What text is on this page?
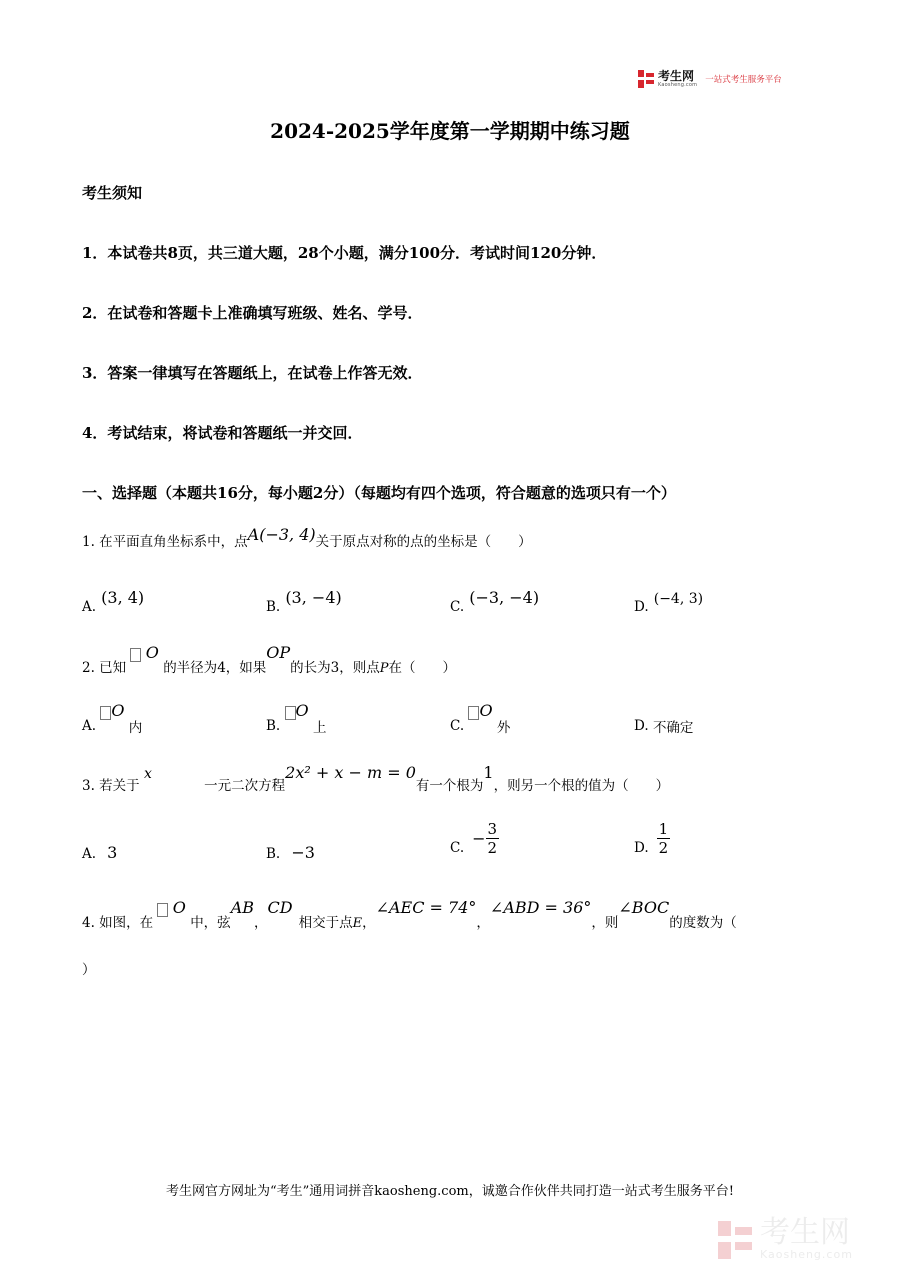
考生网
Kaosheng.com 一站式考生服务平台
2024-2025学年度第一学期期中练习题
考生须知
1．本试卷共8页，共三道大题，28个小题，满分100分．考试时间120分钟．
2．在试卷和答题卡上准确填写班级、姓名、学号．
3．答案一律填写在答题纸上，在试卷上作答无效．
4．考试结束，将试卷和答题纸一并交回．
一、选择题（本题共16分，每小题2分）（每题均有四个选项，符合题意的选项只有一个）
1. 在平面直角坐标系中，点A(−3, 4)关于原点对称的点的坐标是（　　）
$_{A.}$ (3, 4)	$_{B.}$ (3, −4)	$_{C.}$ (−3, −4)	$_{D.}$ (−4, 3)
2. 已知  O 的半径为4，如果OP的长为3，则点P在（　　）
A. O 内	B. O 上	C. O 外	D. 不确定
3. 若关于 x 一元二次方程2x² + x − m = 0有一个根为1，则另一个根的值为（　　）
A. 3	B. −3	C. − $\frac{3}{2}$	D. $\frac{1}{2}$
4. 如图，在  O 中，弦AB，CD相交于点E，∠AEC = 74°，∠ABD = 36°，则∠BOC的度数为（
）
考生网官方网址为“考生”通用词拼音kaosheng.com，诚邀合作伙伴共同打造一站式考生服务平台!
考生网
Kaosheng.com
